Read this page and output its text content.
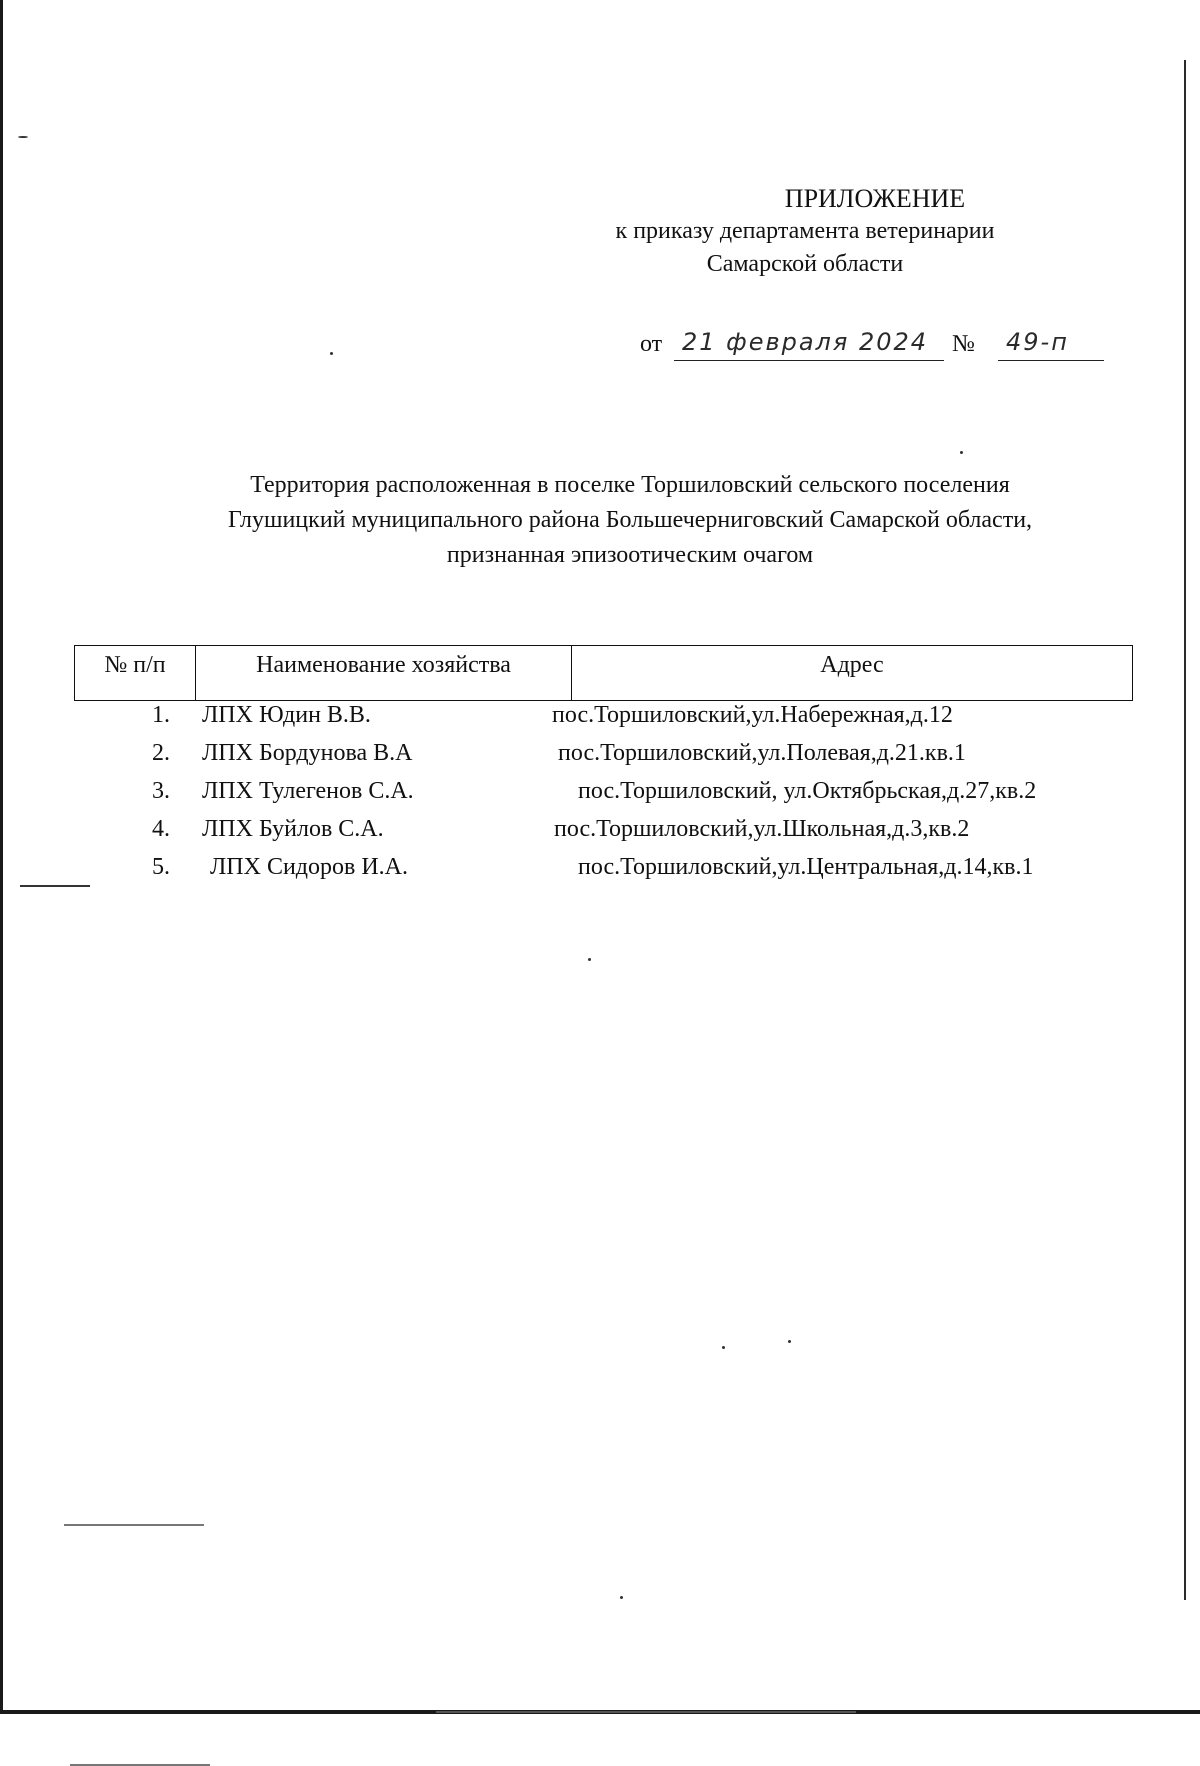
ПРИЛОЖЕНИЕ
к приказу департамента ветеринарии
Самарской области
от 21 февраля 2024 № 49-п
Территория расположенная в поселке Торшиловский сельского поселения
Глушицкий муниципального района Большечерниговский Самарской области,
признанная эпизоотическим очагом
№ п/п	Наименование хозяйства	Адрес
1. ЛПХ Юдин В.В.	пос.Торшиловский,ул.Набережная,д.12
2. ЛПХ Бордунова В.А	пос.Торшиловский,ул.Полевая,д.21.кв.1
3. ЛПХ Тулегенов С.А.	пос.Торшиловский, ул.Октябрьская,д.27,кв.2
4. ЛПХ Буйлов С.А.	пос.Торшиловский,ул.Школьная,д.3,кв.2
5. ЛПХ Сидоров И.А.	пос.Торшиловский,ул.Центральная,д.14,кв.1
